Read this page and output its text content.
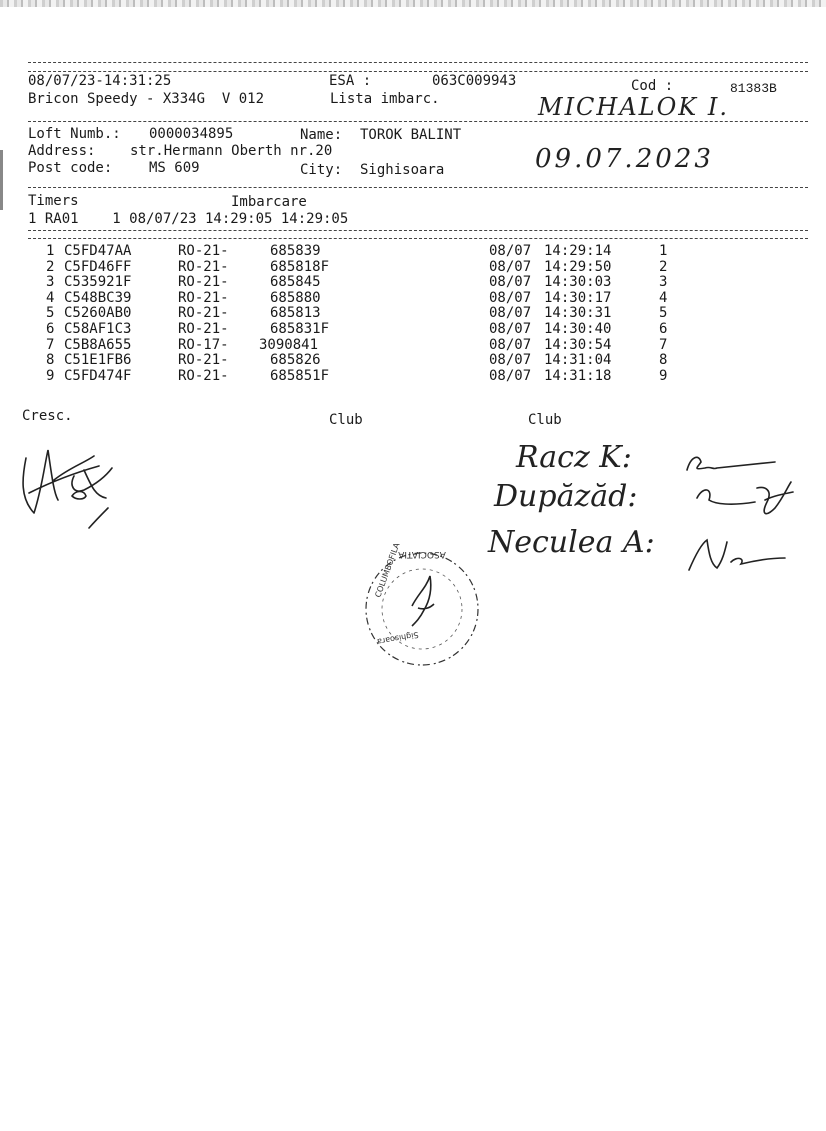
08/07/23-14:31:25	ESA :	063C009943	Cod :	81383B
Bricon Speedy - X334G  V 012	Lista imbarc.	MICHALOK I.
Loft Numb.: 0000034895	Name: TOROK BALINT
Address: str.Hermann Oberth nr.20
Post code:	MS 609	City: Sighisoara	09.07.2023
Timers	Imbarcare
1 RA01    1 08/07/23 14:29:05 14:29:05
1 C5FD47AA	RO-21-	685839	08/07 14:29:14	1
2 C5FD46FF	RO-21-	685818F	08/07 14:29:50	2
3 C535921F	RO-21-	685845	08/07 14:30:03	3
4 C548BC39	RO-21-	685880	08/07 14:30:17	4
5 C5260AB0	RO-21-	685813	08/07 14:30:31	5
6 C58AF1C3	RO-21-	685831F	08/07 14:30:40	6
7 C5B8A655	RO-17- 3090841	08/07 14:30:54	7
8 C51E1FB6	RO-21-	685826	08/07 14:31:04	8
9 C5FD474F	RO-21-	685851F	08/07 14:31:18	9
Cresc.	Club	Club
Racz K:
Dupăzăd:
Neculea A:
ASOCIATIA
COLUMBOFILA
Sighisoara
